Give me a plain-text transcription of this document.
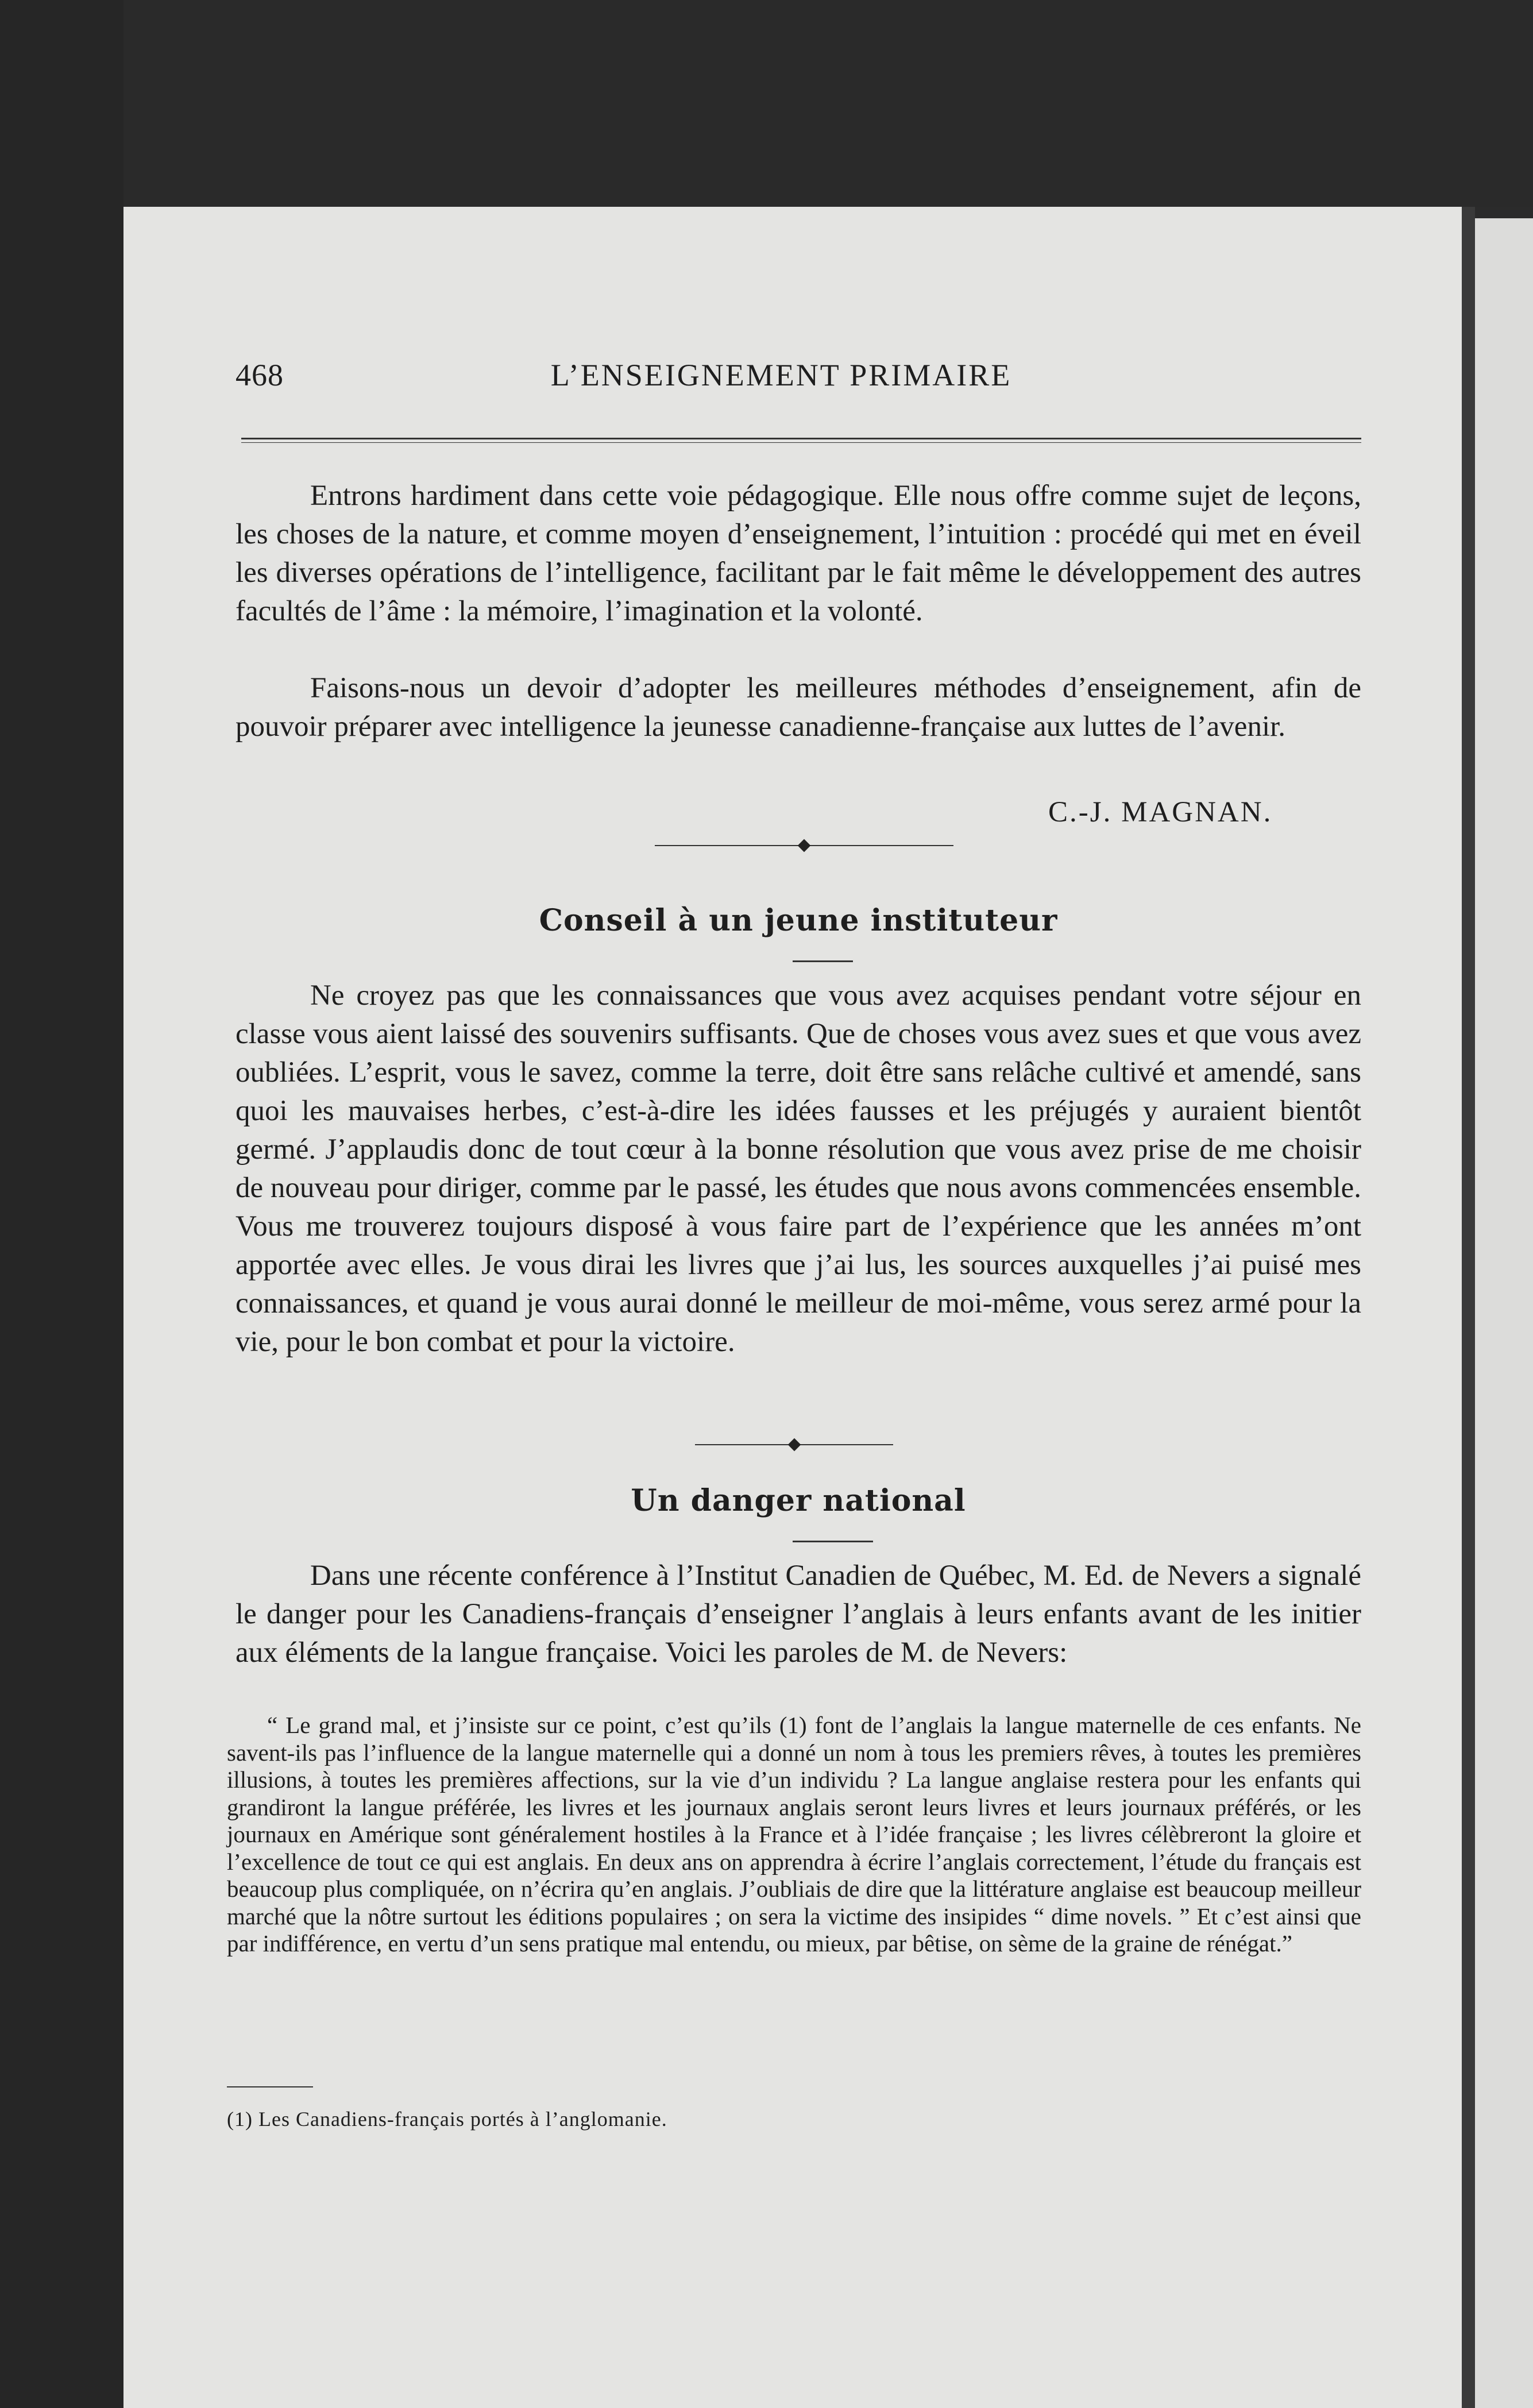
468	L’ENSEIGNEMENT PRIMAIRE

Entrons hardiment dans cette voie pédagogique. Elle nous offre comme sujet de leçons, les choses de la nature, et comme moyen d’enseignement, l’intuition : procédé qui met en éveil les diverses opérations de l’intelligence, facilitant par le fait même le développement des autres facultés de l’âme : la mémoire, l’imagination et la volonté.

Faisons-nous un devoir d’adopter les meilleures méthodes d’enseignement, afin de pouvoir préparer avec intelligence la jeunesse canadienne-française aux luttes de l’avenir.

C.-J. MAGNAN.
Conseil à un jeune instituteur

Ne croyez pas que les connaissances que vous avez acquises pendant votre séjour en classe vous aient laissé des souvenirs suffisants. Que de choses vous avez sues et que vous avez oubliées. L’esprit, vous le savez, comme la terre, doit être sans relâche cultivé et amendé, sans quoi les mauvaises herbes, c’est-à-dire les idées fausses et les préjugés y auraient bientôt germé. J’applaudis donc de tout cœur à la bonne résolution que vous avez prise de me choisir de nouveau pour diriger, comme par le passé, les études que nous avons commencées ensemble. Vous me trouverez toujours disposé à vous faire part de l’expérience que les années m’ont apportée avec elles. Je vous dirai les livres que j’ai lus, les sources auxquelles j’ai puisé mes connaissances, et quand je vous aurai donné le meilleur de moi-même, vous serez armé pour la vie, pour le bon combat et pour la victoire.

Un danger national

Dans une récente conférence à l’Institut Canadien de Québec, M. Ed. de Nevers a signalé le danger pour les Canadiens-français d’enseigner l’anglais à leurs enfants avant de les initier aux éléments de la langue française. Voici les paroles de M. de Nevers:

“ Le grand mal, et j’insiste sur ce point, c’est qu’ils (1) font de l’anglais la langue maternelle de ces enfants. Ne savent-ils pas l’influence de la langue maternelle qui a donné un nom à tous les premiers rêves, à toutes les premières illusions, à toutes les premières affections, sur la vie d’un individu ? La langue anglaise restera pour les enfants qui grandiront la langue préférée, les livres et les journaux anglais seront leurs livres et leurs journaux préférés, or les journaux en Amérique sont généralement hostiles à la France et à l’idée française ; les livres célèbreront la gloire et l’excellence de tout ce qui est anglais. En deux ans on apprendra à écrire l’anglais correctement, l’étude du français est beaucoup plus compliquée, on n’écrira qu’en anglais. J’oubliais de dire que la littérature anglaise est beaucoup meilleur marché que la nôtre surtout les éditions populaires ; on sera la victime des insipides “ dime novels. ” Et c’est ainsi que par indifférence, en vertu d’un sens pratique mal entendu, ou mieux, par bêtise, on sème de la graine de rénégat.”

(1) Les Canadiens-français portés à l’anglomanie.
